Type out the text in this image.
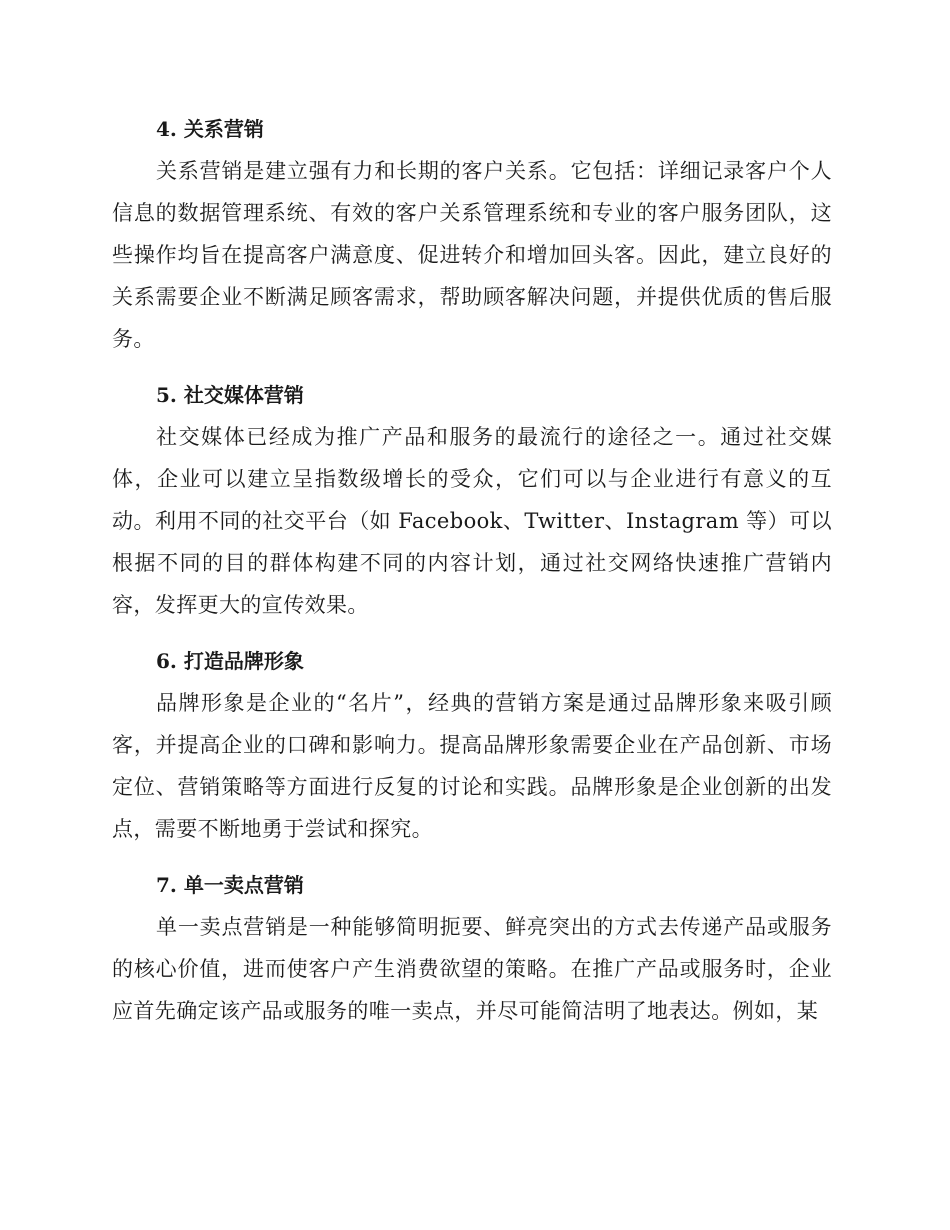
4. 关系营销

关系营销是建立强有力和长期的客户关系。它包括：详细记录客户个人信息的数据管理系统、有效的客户关系管理系统和专业的客户服务团队，这些操作均旨在提高客户满意度、促进转介和增加回头客。因此，建立良好的关系需要企业不断满足顾客需求，帮助顾客解决问题，并提供优质的售后服务。

5. 社交媒体营销

社交媒体已经成为推广产品和服务的最流行的途径之一。通过社交媒体，企业可以建立呈指数级增长的受众，它们可以与企业进行有意义的互动。利用不同的社交平台（如 Facebook、Twitter、Instagram 等）可以根据不同的目的群体构建不同的内容计划，通过社交网络快速推广营销内容，发挥更大的宣传效果。

6. 打造品牌形象

品牌形象是企业的“名片”，经典的营销方案是通过品牌形象来吸引顾客，并提高企业的口碑和影响力。提高品牌形象需要企业在产品创新、市场定位、营销策略等方面进行反复的讨论和实践。品牌形象是企业创新的出发点，需要不断地勇于尝试和探究。

7. 单一卖点营销

单一卖点营销是一种能够简明扼要、鲜亮突出的方式去传递产品或服务的核心价值，进而使客户产生消费欲望的策略。在推广产品或服务时，企业应首先确定该产品或服务的唯一卖点，并尽可能简洁明了地表达。例如，某
